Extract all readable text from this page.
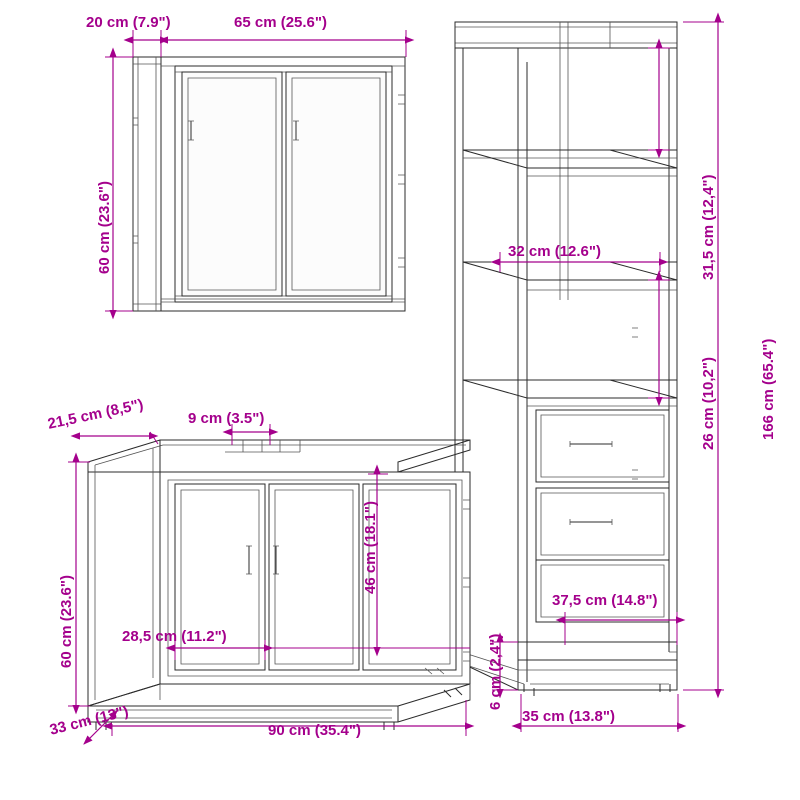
20 cm (7.9")	65 cm (25.6")
60 cm (23.6")
166 cm (65.4")
31,5 cm (12,4")
32 cm (12.6")
26 cm (10,2")
6 cm (2,4")
37,5 cm (14.8")
35 cm (13.8")
21,5 cm (8,5")	9 cm (3.5")
60 cm (23.6")
46 cm (18.1")
28,5 cm (11.2")
90 cm (35.4")
33 cm (13")
